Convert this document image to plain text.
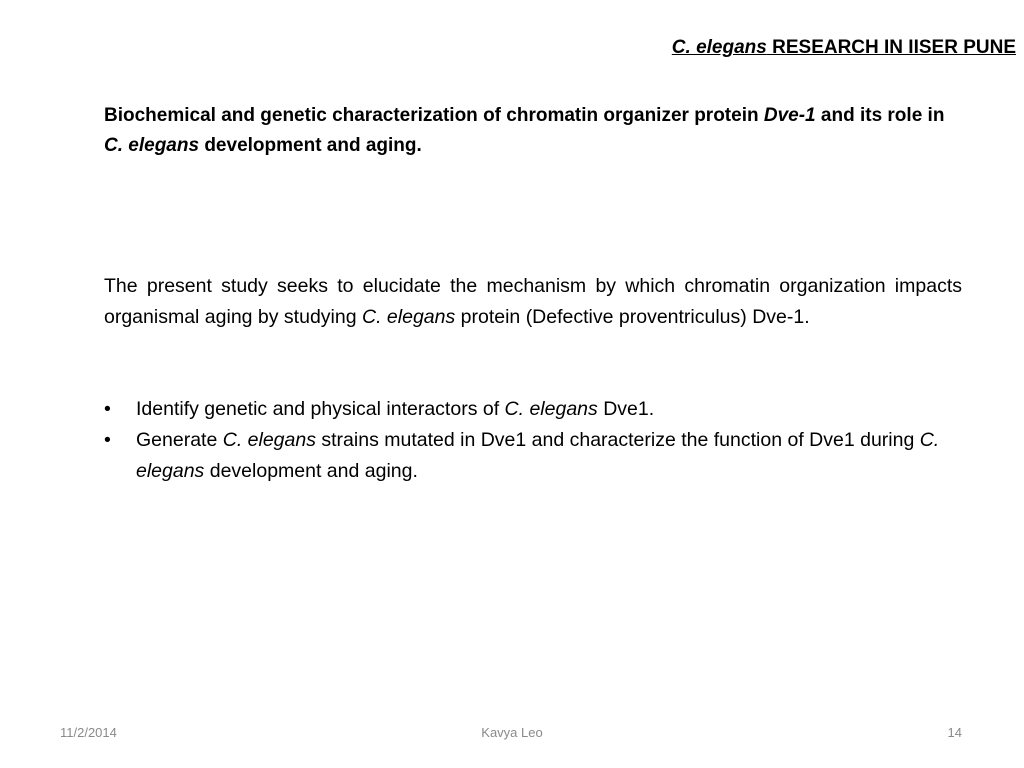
C. elegans RESEARCH IN IISER PUNE
Biochemical and genetic characterization of chromatin organizer protein Dve-1 and its role in C. elegans development and aging.
The present study seeks to elucidate the mechanism by which chromatin organization impacts organismal aging by studying C. elegans protein (Defective proventriculus) Dve-1.
•	Identify genetic and physical interactors of C. elegans Dve1.
•	Generate C. elegans strains mutated in Dve1 and characterize the function of Dve1 during C. elegans development and aging.
11/2/2014	Kavya Leo	14
